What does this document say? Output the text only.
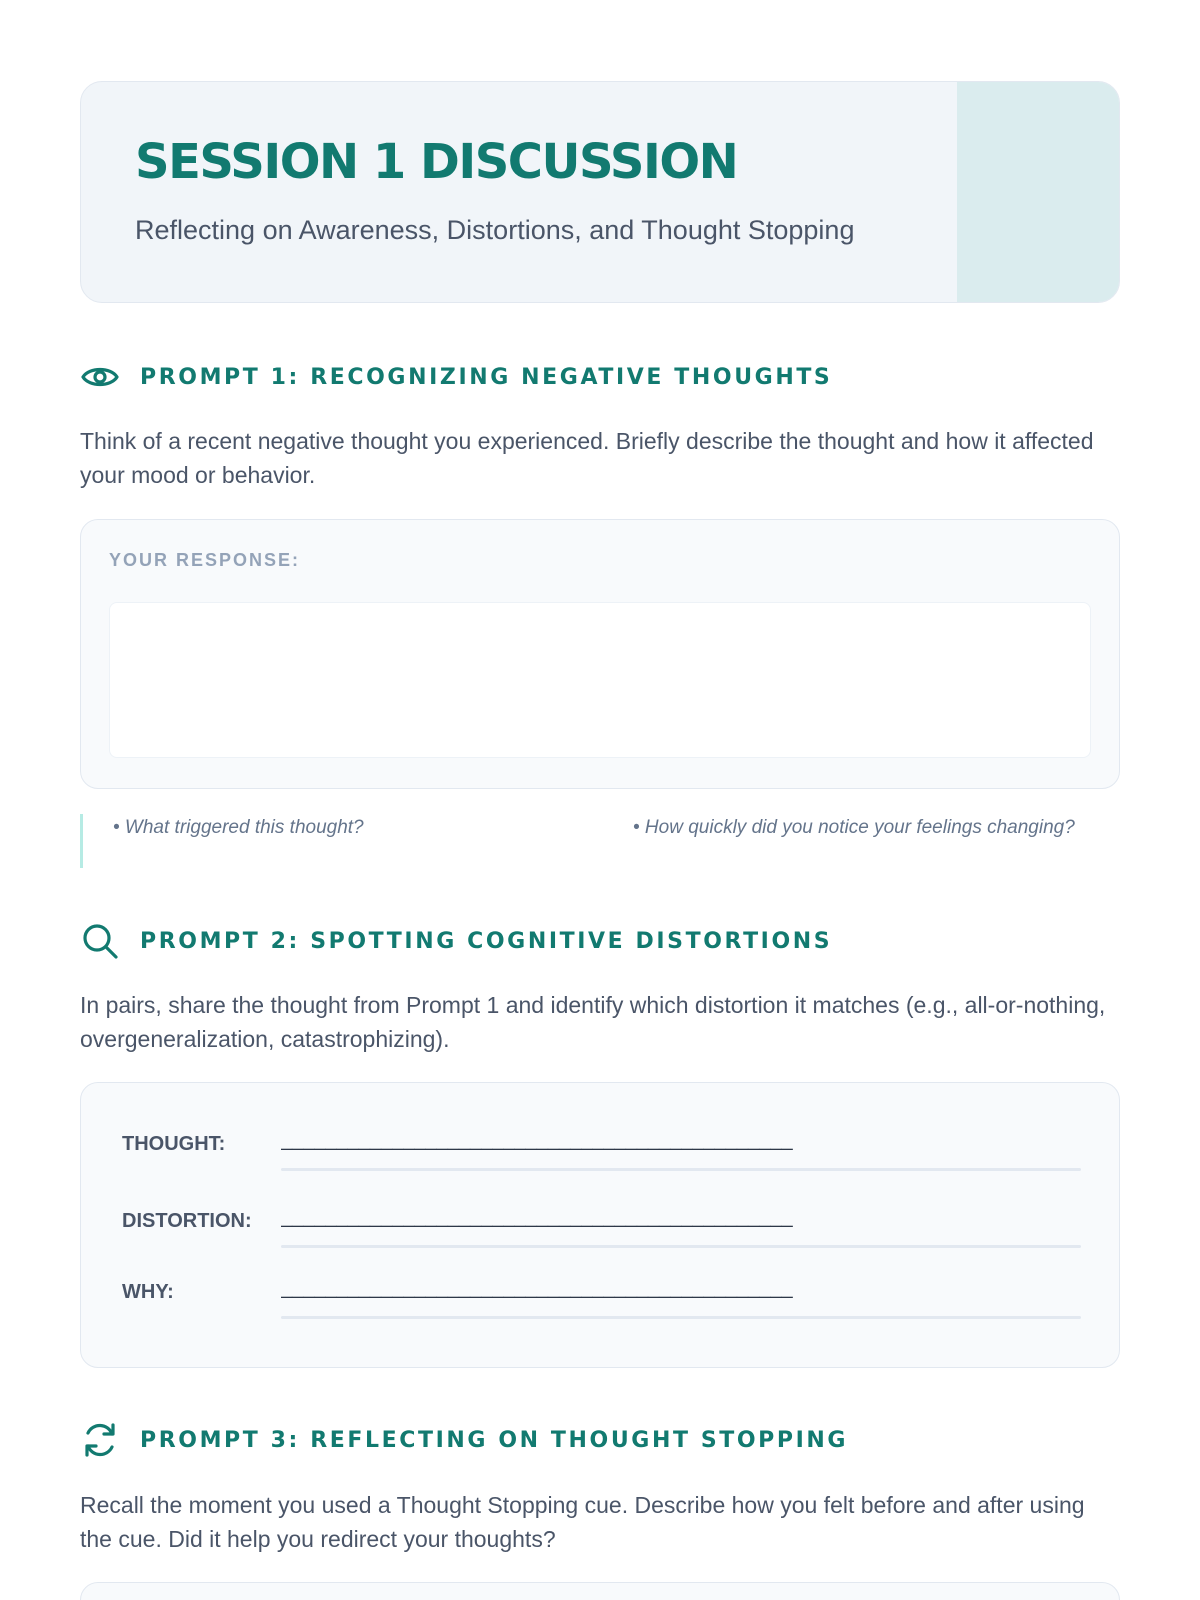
SESSION 1 DISCUSSION
Reflecting on Awareness, Distortions, and Thought Stopping
PROMPT 1: RECOGNIZING NEGATIVE THOUGHTS
Think of a recent negative thought you experienced. Briefly describe the thought and how it affected your mood or behavior.
YOUR RESPONSE:
• What triggered this thought?	• How quickly did you notice your feelings changing?
PROMPT 2: SPOTTING COGNITIVE DISTORTIONS
In pairs, share the thought from Prompt 1 and identify which distortion it matches (e.g., all-or-nothing, overgeneralization, catastrophizing).
THOUGHT:	______________________________________________
DISTORTION: ______________________________________________
WHY:	______________________________________________
PROMPT 3: REFLECTING ON THOUGHT STOPPING
Recall the moment you used a Thought Stopping cue. Describe how you felt before and after using the cue. Did it help you redirect your thoughts?
